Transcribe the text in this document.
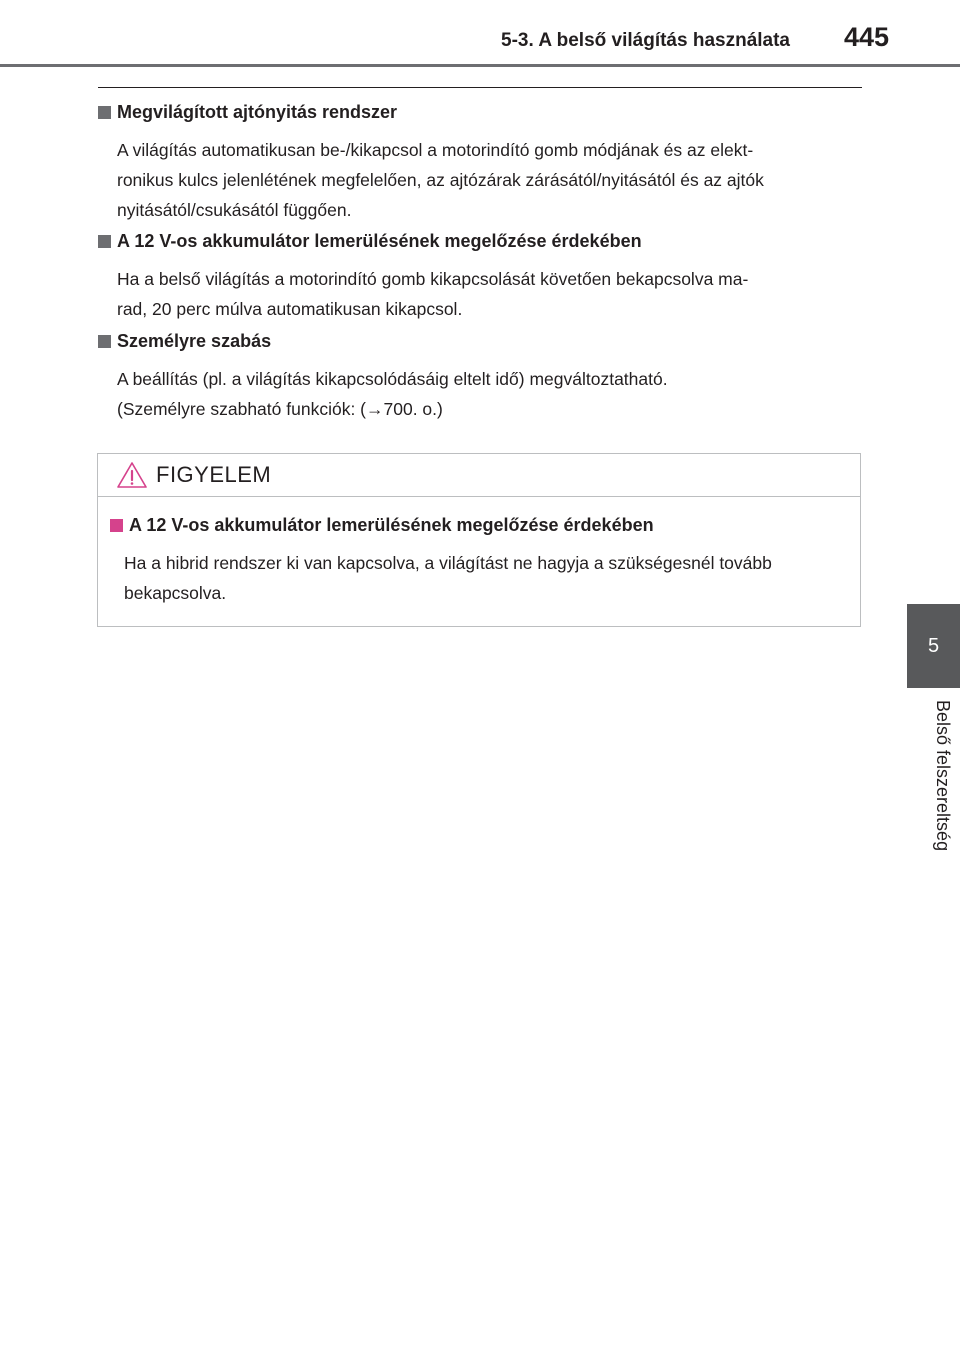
5-3. A belső világítás használata 445
5
Belső felszereltség
Megvilágított ajtónyitás rendszer
A világítás automatikusan be-/kikapcsol a motorindító gomb módjának és az elekt-
ronikus kulcs jelenlétének megfelelően, az ajtózárak zárásától/nyitásától és az ajtók
nyitásától/csukásától függően.
A 12 V-os akkumulátor lemerülésének megelőzése érdekében
Ha a belső világítás a motorindító gomb kikapcsolását követően bekapcsolva ma-
rad, 20 perc múlva automatikusan kikapcsol.
Személyre szabás
A beállítás (pl. a világítás kikapcsolódásáig eltelt idő) megváltoztatható.
(Személyre szabható funkciók: (→700. o.)
FIGYELEM
A 12 V-os akkumulátor lemerülésének megelőzése érdekében
Ha a hibrid rendszer ki van kapcsolva, a világítást ne hagyja a szükségesnél tovább
bekapcsolva.
